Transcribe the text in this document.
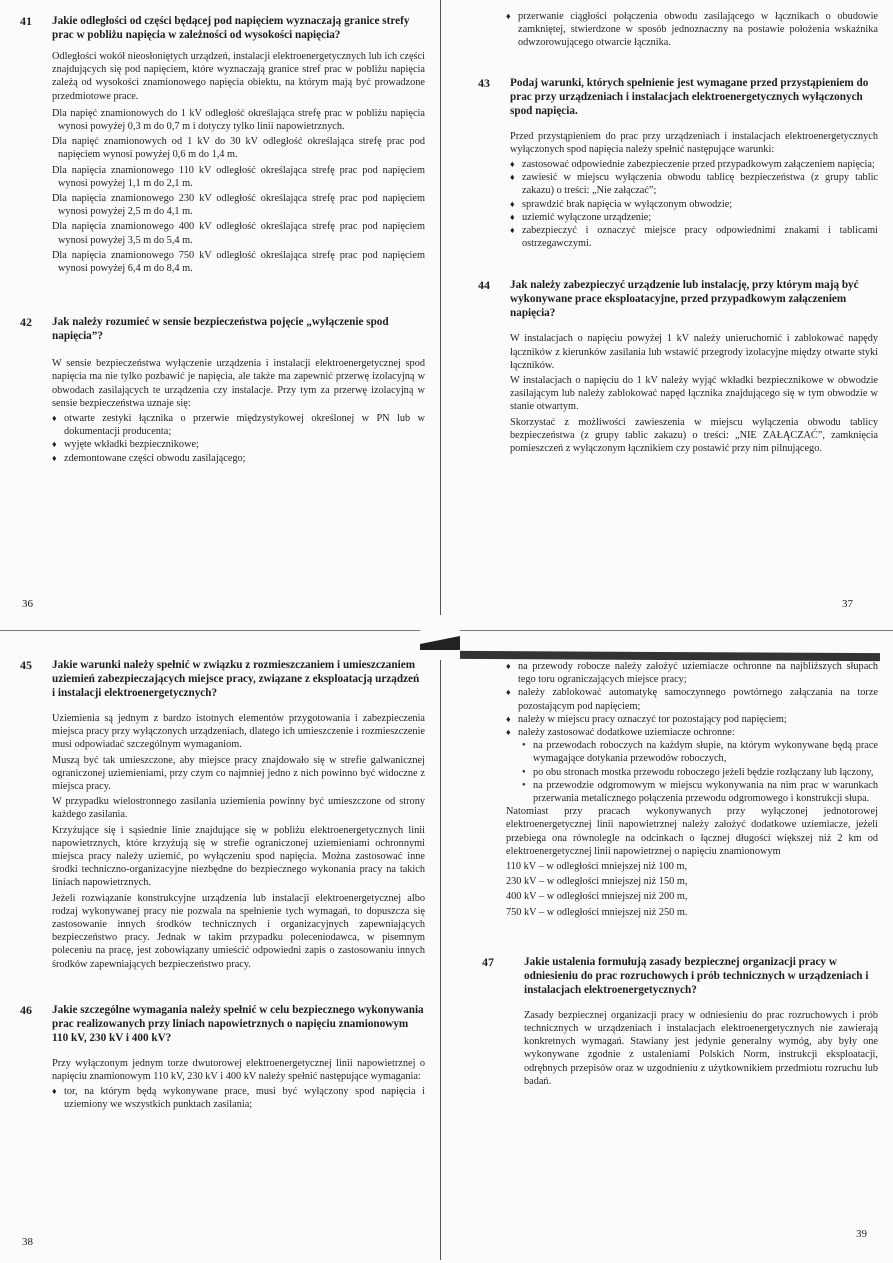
41 Jakie odległości od części będącej pod napięciem wyznaczają granice strefy prac w pobliżu napięcia w zależności od wysokości napięcia?

Odległości wokół nieosłoniętych urządzeń, instalacji elektroenergetycznych lub ich części znajdujących się pod napięciem, które wyznaczają granice stref prac w pobliżu napięcia zależą od wysokości znamionowego napięcia obiektu, na którym mają być prowadzone przedmiotowe prace.

Dla napięć znamionowych do 1 kV odległość określająca strefę prac w pobliżu napięcia wynosi powyżej 0,3 m do 0,7 m i dotyczy tylko linii napowietrznych.

Dla napięć znamionowych od 1 kV do 30 kV odległość określająca strefę prac pod napięciem wynosi powyżej 0,6 m do 1,4 m.

Dla napięcia znamionowego 110 kV odległość określająca strefę prac pod napięciem wynosi powyżej 1,1 m do 2,1 m.

Dla napięcia znamionowego 230 kV odległość określająca strefę prac pod napięciem wynosi powyżej 2,5 m do 4,1 m.

Dla napięcia znamionowego 400 kV odległość określająca strefę prac pod napięciem wynosi powyżej 3,5 m do 5,4 m.

Dla napięcia znamionowego 750 kV odległość określająca strefę prac pod napięciem wynosi powyżej 6,4 m do 8,4 m.

42 Jak należy rozumieć w sensie bezpieczeństwa pojęcie „wyłączenie spod napięcia”?

W sensie bezpieczeństwa wyłączenie urządzenia i instalacji elektroenergetycznej spod napięcia ma nie tylko pozbawić je napięcia, ale także ma zapewnić przerwę izolacyjną w obwodach zasilających te urządzenia czy instalacje. Przy tym za przerwę izolacyjną w sensie bezpieczeństwa uznaje się:

♦ otwarte zestyki łącznika o przerwie międzystykowej określonej w PN lub w dokumentacji producenta;
♦ wyjęte wkładki bezpiecznikowe;
♦ zdemontowane części obwodu zasilającego;
36
♦ przerwanie ciągłości połączenia obwodu zasilającego w łącznikach o obudowie zamkniętej, stwierdzone w sposób jednoznaczny na postawie położenia wskaźnika odwzorowującego otwarcie łącznika.
43 Podaj warunki, których spełnienie jest wymagane przed przystąpieniem do prac przy urządzeniach i instalacjach elektroenergetycznych wyłączonych spod napięcia.

Przed przystąpieniem do prac przy urządzeniach i instalacjach elektroenergetycznych wyłączonych spod napięcia należy spełnić następujące warunki:

♦ zastosować odpowiednie zabezpieczenie przed przypadkowym załączeniem napięcia;
♦ zawiesić w miejscu wyłączenia obwodu tablicę bezpieczeństwa (z grupy tablic zakazu) o treści: „Nie załączać”;
♦ sprawdzić brak napięcia w wyłączonym obwodzie;
♦ uziemić wyłączone urządzenie;
♦ zabezpieczyć i oznaczyć miejsce pracy odpowiednimi znakami i tablicami ostrzegawczymi.
44 Jak należy zabezpieczyć urządzenie lub instalację, przy którym mają być wykonywane prace eksploatacyjne, przed przypadkowym załączeniem napięcia?

W instalacjach o napięciu powyżej 1 kV należy unieruchomić i zablokować napędy łączników z kierunków zasilania lub wstawić przegrody izolacyjne między otwarte styki łączników.

W instalacjach o napięciu do 1 kV należy wyjąć wkładki bezpiecznikowe w obwodzie zasilającym lub należy zablokować napęd łącznika znajdującego się w tym obwodzie w stanie otwartym.

Skorzystać z możliwości zawieszenia w miejscu wyłączenia obwodu tablicy bezpieczeństwa (z grupy tablic zakazu) o treści: „NIE ZAŁĄCZAĆ”, zamknięcia pomieszczeń z wyłączonym łącznikiem czy postawić przy nim pilnującego.

37
45 Jakie warunki należy spełnić w związku z rozmieszczaniem i umieszczaniem uziemień zabezpieczających miejsce pracy, związane z eksploatacją urządzeń i instalacji elektroenergetycznych?

Uziemienia są jednym z bardzo istotnych elementów przygotowania i zabezpieczenia miejsca pracy przy wyłączonych urządzeniach, dlatego ich umieszczenie i rozmieszczenie musi odpowiadać szczególnym wymaganiom.

Muszą być tak umieszczone, aby miejsce pracy znajdowało się w strefie galwanicznej ograniczonej uziemieniami, przy czym co najmniej jedno z nich powinno być widoczne z miejsca pracy.

W przypadku wielostronnego zasilania uziemienia powinny być umieszczone od strony każdego zasilania.

Krzyżujące się i sąsiednie linie znajdujące się w pobliżu elektroenergetycznych linii napowietrznych, które krzyżują się w strefie ograniczonej uziemieniami ochronnymi miejsca pracy należy uziemić, po wyłączeniu spod napięcia. Można zastosować inne środki techniczno-organizacyjne niezbędne do bezpiecznego wykonania pracy na takich liniach napowietrznych.

Jeżeli rozwiązanie konstrukcyjne urządzenia lub instalacji elektroenergetycznej albo rodzaj wykonywanej pracy nie pozwala na spełnienie tych wymagań, to dopuszcza się zastosowanie innych środków technicznych i organizacyjnych zapewniających bezpieczeństwo pracy. Jednak w takim przypadku poleceniodawca, w pisemnym poleceniu na pracę, jest zobowiązany umieścić odpowiedni zapis o zastosowaniu innych środków zapewniających bezpieczeństwo pracy.

46 Jakie szczególne wymagania należy spełnić w celu bezpiecznego wykonywania prac realizowanych przy liniach napowietrznych o napięciu znamionowym 110 kV, 230 kV i 400 kV?

Przy wyłączonym jednym torze dwutorowej elektroenergetycznej linii napowietrznej o napięciu znamionowym 110 kV, 230 kV i 400 kV należy spełnić następujące wymagania:

♦ tor, na którym będą wykonywane prace, musi być wyłączony spod napięcia i uziemiony we wszystkich punktach zasilania;
38
♦ na przewody robocze należy założyć uziemiacze ochronne na najbliższych słupach tego toru ograniczających miejsce pracy;
♦ należy zablokować automatykę samoczynnego powtórnego załączania na torze pozostającym pod napięciem;
♦ należy w miejscu pracy oznaczyć tor pozostający pod napięciem;
♦ należy zastosować dodatkowe uziemiacze ochronne:
• na przewodach roboczych na każdym słupie, na którym wykonywane będą prace wymagające dotykania przewodów roboczych,
• po obu stronach mostka przewodu roboczego jeżeli będzie rozłączany lub łączony,
• na przewodzie odgromowym w miejscu wykonywania na nim prac w warunkach przerwania metalicznego połączenia przewodu odgromowego i konstrukcji słupa.

Natomiast przy pracach wykonywanych przy wyłączonej jednotorowej elektroenergetycznej linii napowietrznej należy założyć dodatkowe uziemiacze, jeżeli przebiega ona równolegle na odcinkach o łącznej długości większej niż 2 km od elektroenergetycznej linii napowietrznej o napięciu znamionowym

110 kV – w odległości mniejszej niż 100 m,

230 kV – w odległości mniejszej niż 150 m,

400 kV – w odległości mniejszej niż 200 m,

750 kV – w odległości mniejszej niż 250 m.

47	Jakie ustalenia formułują zasady bezpiecznej organizacji pracy w odniesieniu do prac rozruchowych i prób technicznych w urządzeniach i instalacjach elektroenergetycznych?

Zasady bezpiecznej organizacji pracy w odniesieniu do prac rozruchowych i prób technicznych w urządzeniach i instalacjach elektroenergetycznych nie zawierają konkretnych wymagań. Stawiany jest jedynie generalny wymóg, aby były one wykonywane zgodnie z ustaleniami Polskich Norm, instrukcji eksploatacji, odrębnych przepisów oraz w uzgodnieniu z użytkownikiem przedmiotu rozruchu lub badań.

39
